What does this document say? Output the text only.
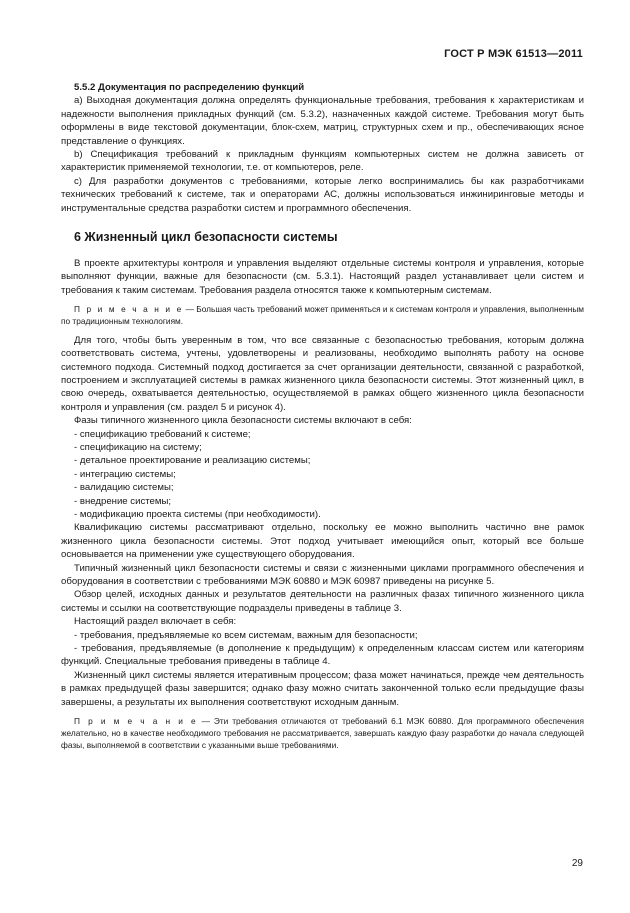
ГОСТ Р МЭК 61513—2011
5.5.2 Документация по распределению функций

a) Выходная документация должна определять функциональные требования, требования к характеристикам и надежности выполнения прикладных функций (см. 5.3.2), назначенных каждой системе. Требования могут быть оформлены в виде текстовой документации, блок-схем, матриц, структурных схем и пр., обеспечивающих ясное представление о функциях.

b) Спецификация требований к прикладным функциям компьютерных систем не должна зависеть от характеристик применяемой технологии, т.е. от компьютеров, реле.

c) Для разработки документов с требованиями, которые легко воспринимались бы как разработчиками технических требований к системе, так и операторами АС, должны использоваться инжиниринговые методы и инструментальные средства разработки систем и программного обеспечения.

6 Жизненный цикл безопасности системы

В проекте архитектуры контроля и управления выделяют отдельные системы контроля и управления, которые выполняют функции, важные для безопасности (см. 5.3.1). Настоящий раздел устанавливает цели систем и требования к таким системам. Требования раздела относятся также к компьютерным системам.

П р и м е ч а н и е — Большая часть требований может применяться и к системам контроля и управления, выполненным по традиционным технологиям.

Для того, чтобы быть уверенным в том, что все связанные с безопасностью требования, которым должна соответствовать система, учтены, удовлетворены и реализованы, необходимо выполнять работу на основе системного подхода. Системный подход достигается за счет организации деятельности, связанной с разработкой, построением и эксплуатацией системы в рамках жизненного цикла безопасности системы. Этот жизненный цикл, в свою очередь, охватывается деятельностью, осуществляемой в рамках общего жизненного цикла безопасности контроля и управления (см. раздел 5 и рисунок 4).

Фазы типичного жизненного цикла безопасности системы включают в себя:

- спецификацию требований к системе;
- спецификацию на систему;
- детальное проектирование и реализацию системы;
- интеграцию системы;
- валидацию системы;
- внедрение системы;
- модификацию проекта системы (при необходимости).

Квалификацию системы рассматривают отдельно, поскольку ее можно выполнить частично вне рамок жизненного цикла безопасности системы. Этот подход учитывает имеющийся опыт, который все больше основывается на применении уже существующего оборудования.

Типичный жизненный цикл безопасности системы и связи с жизненными циклами программного обеспечения и оборудования в соответствии с требованиями МЭК 60880 и МЭК 60987 приведены на рисунке 5.

Обзор целей, исходных данных и результатов деятельности на различных фазах типичного жизненного цикла системы и ссылки на соответствующие подразделы приведены в таблице 3.

Настоящий раздел включает в себя:

- требования, предъявляемые ко всем системам, важным для безопасности;

- требования, предъявляемые (в дополнение к предыдущим) к определенным классам систем или категориям функций. Специальные требования приведены в таблице 4.

Жизненный цикл системы является итеративным процессом; фаза может начинаться, прежде чем деятельность в рамках предыдущей фазы завершится; однако фазу можно считать законченной только если предыдущие фазы завершены, а результаты их выполнения соответствуют исходным данным.

П р и м е ч а н и е — Эти требования отличаются от требований 6.1 МЭК 60880. Для программного обеспечения желательно, но в качестве необходимого требования не рассматривается, завершать каждую фазу разработки до начала следующей фазы, выполняемой в соответствии с указанными выше требованиями.

29
